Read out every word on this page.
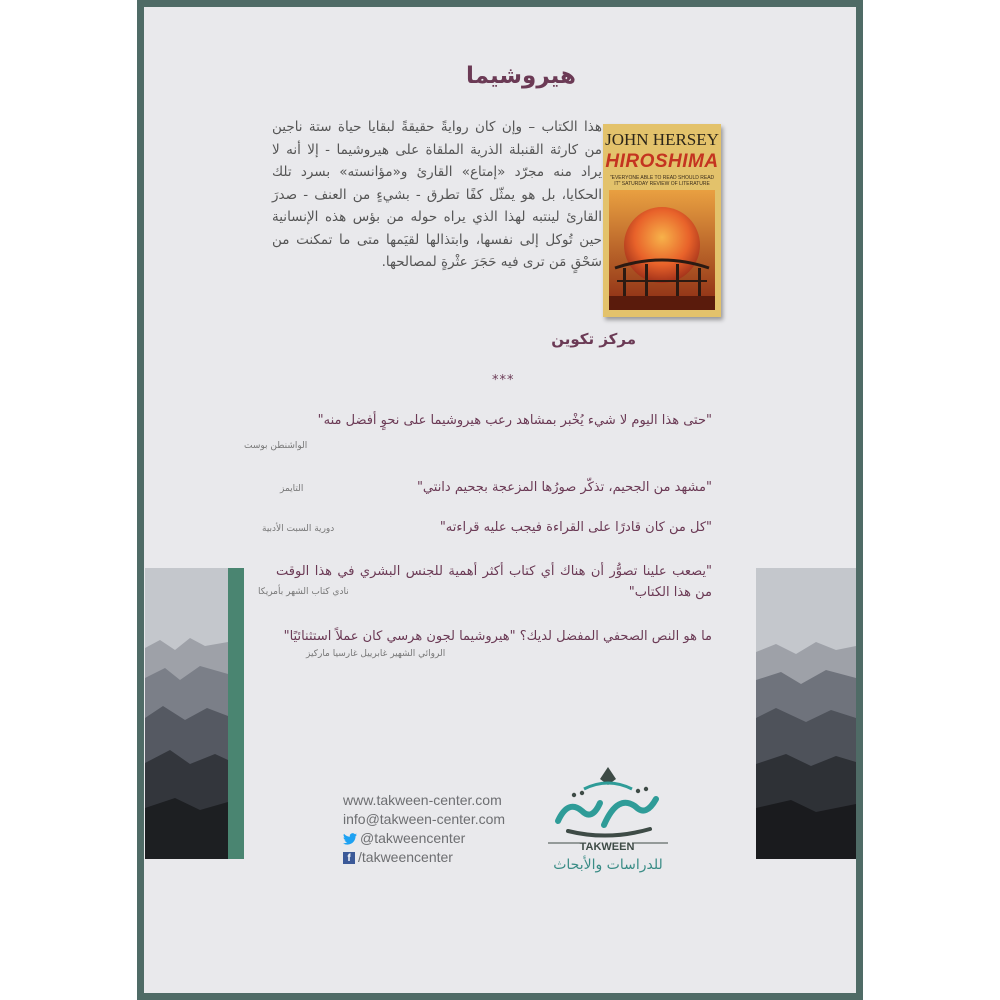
هيروشيما

هذا الكتاب – وإن كان روايةً حقيقةً لبقايا حياة ستة ناجين من كارثة القنبلة الذرية الملقاة على هيروشيما - إلا أنه لا يراد منه مجرّد «إمتاع» القارئ و«مؤانسته» بسرد تلك الحكايا، بل هو يمثّل كفًا تطرق - بشيءٍ من العنف - صدرَ القارئ لينتبه لهذا الذي يراه حوله من بؤس هذه الإنسانية حين تُوكل إلى نفسها، وابتذالها لقيَمها متى ما تمكنت من سَحْقٍ مَن ترى فيه حَجَرَ عثْرةٍ لمصالحها.

JOHN HERSEY
HIROSHIMA
"EVERYONE ABLE TO READ SHOULD READ IT" SATURDAY REVIEW OF LITERATURE

مركز تكوين

***

"حتى هذا اليوم لا شيء يُخْبر بمشاهد رعب هيروشيما على نحوٍ أفضل منه"

الواشنطن بوست

"مشهد من الجحيم، تذكّر صورُها المزعجة بجحيم دانتي"

التايمز

"كل من كان قادرًا على القراءة فيجب عليه قراءته"

دورية السبت الأدبية

"يصعب علينا تصوُّر أن هناك أي كتاب أكثر أهمية للجنس البشري في هذا الوقت من هذا الكتاب"

نادي كتاب الشهر بأمريكا

ما هو النص الصحفي المفضل لديك؟ "هيروشيما لجون هرسي كان عملاً استثنائيًا"

الروائي الشهير غابرييل غارسيا ماركيز

www.takween-center.com
info@takween-center.com
@takweencenter
f /takweencenter
TAKWEEN
للدراسات والأبحاث
